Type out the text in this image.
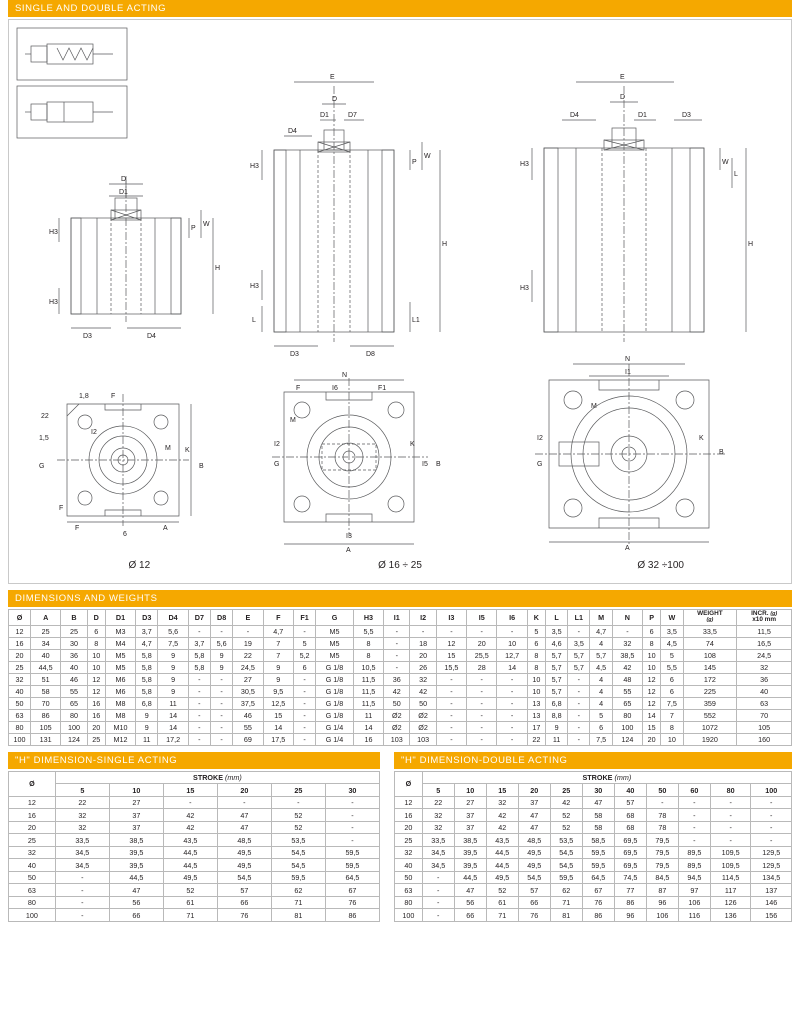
SINGLE AND DOUBLE ACTING
D
D1
P
W
H
H3
H3
D3	D4
E
D
D1	D7
D4
P
W
H
L1
H3
H3
L
D3	D8
E
D
D4	D1	D3
W
L
H
H3
H3
1,8	F
22
1,5
G
I2
M K
B
F
F
6
A
N
F	I6	F1
M
I2
G
K
I5 B
I3
A
N
I1
M
I2
G
K
B
A
Ø 12	Ø 16 ÷ 25	Ø 32 ÷100
DIMENSIONS AND WEIGHTS
Ø	A	B	D	D1	D3	D4	D7	D8	E	F	F1	G	H3	I1	I2	I3	I5	I6	K	L	L1	M	N	P	W	WEIGHT
(g)	INCR. (g)
x10 mm
12	25	25	6	M3	3,7	5,6	-	-	-	4,7	-	M5	5,5	-	-	-	-	-	5	3,5	-	4,7	-	6	3,5	33,5	11,5
16	34	30	8	M4	4,7	7,5	3,7	5,6	19	7	5	M5	8	-	18	12	20	10	6	4,6	3,5	4	32	8	4,5	74	16,5
20	40	36	10	M5	5,8	9	5,8	9	22	7	5,2	M5	8	-	20	15	25,5	12,7	8	5,7	5,7	5,7	38,5	10	5	108	24,5
25	44,5	40	10	M5	5,8	9	5,8	9	24,5	9	6	G 1/8	10,5	-	26	15,5	28	14	8	5,7	5,7	4,5	42	10	5,5	145	32
32	51	46	12	M6	5,8	9	-	-	27	9	-	G 1/8	11,5	36	32	-	-	-	10	5,7	-	4	48	12	6	172	36
40	58	55	12	M6	5,8	9	-	-	30,5	9,5	-	G 1/8	11,5	42	42	-	-	-	10	5,7	-	4	55	12	6	225	40
50	70	65	16	M8	6,8	11	-	-	37,5	12,5	-	G 1/8	11,5	50	50	-	-	-	13	6,8	-	4	65	12	7,5	359	63
63	86	80	16	M8	9	14	-	-	46	15	-	G 1/8	11	Ø2	Ø2	-	-	-	13	8,8	-	5	80	14	7	552	70
80	105	100	20	M10	9	14	-	-	55	14	-	G 1/4	14	Ø2	Ø2	-	-	-	17	9	-	6	100	15	8	1072	105
100	131	124	25	M12	11	17,2	-	-	69	17,5	-	G 1/4	16	103	103	-	-	-	22	11	-	7,5	124	20	10	1920	160
"H" DIMENSION-SINGLE ACTING
Ø	STROKE (mm)					
	5	10	15	20	25	30
12	22	27	-	-	-	-
16	32	37	42	47	52	-
20	32	37	42	47	52	-
25	33,5	38,5	43,5	48,5	53,5	-
32	34,5	39,5	44,5	49,5	54,5	59,5
40	34,5	39,5	44,5	49,5	54,5	59,5
50	-	44,5	49,5	54,5	59,5	64,5
63	-	47	52	57	62	67
80	-	56	61	66	71	76
100	-	66	71	76	81	86
"H" DIMENSION-DOUBLE ACTING
Ø	STROKE (mm)										
	5	10	15	20	25	30	40	50	60	80	100
12	22	27	32	37	42	47	57	-	-	-	-
16	32	37	42	47	52	58	68	78	-	-	-
20	32	37	42	47	52	58	68	78	-	-	-
25	33,5	38,5	43,5	48,5	53,5	58,5	69,5	79,5	-	-	-
32	34,5	39,5	44,5	49,5	54,5	59,5	69,5	79,5	89,5	109,5	129,5
40	34,5	39,5	44,5	49,5	54,5	59,5	69,5	79,5	89,5	109,5	129,5
50	-	44,5	49,5	54,5	59,5	64,5	74,5	84,5	94,5	114,5	134,5
63	-	47	52	57	62	67	77	87	97	117	137
80	-	56	61	66	71	76	86	96	106	126	146
100	-	66	71	76	81	86	96	106	116	136	156
